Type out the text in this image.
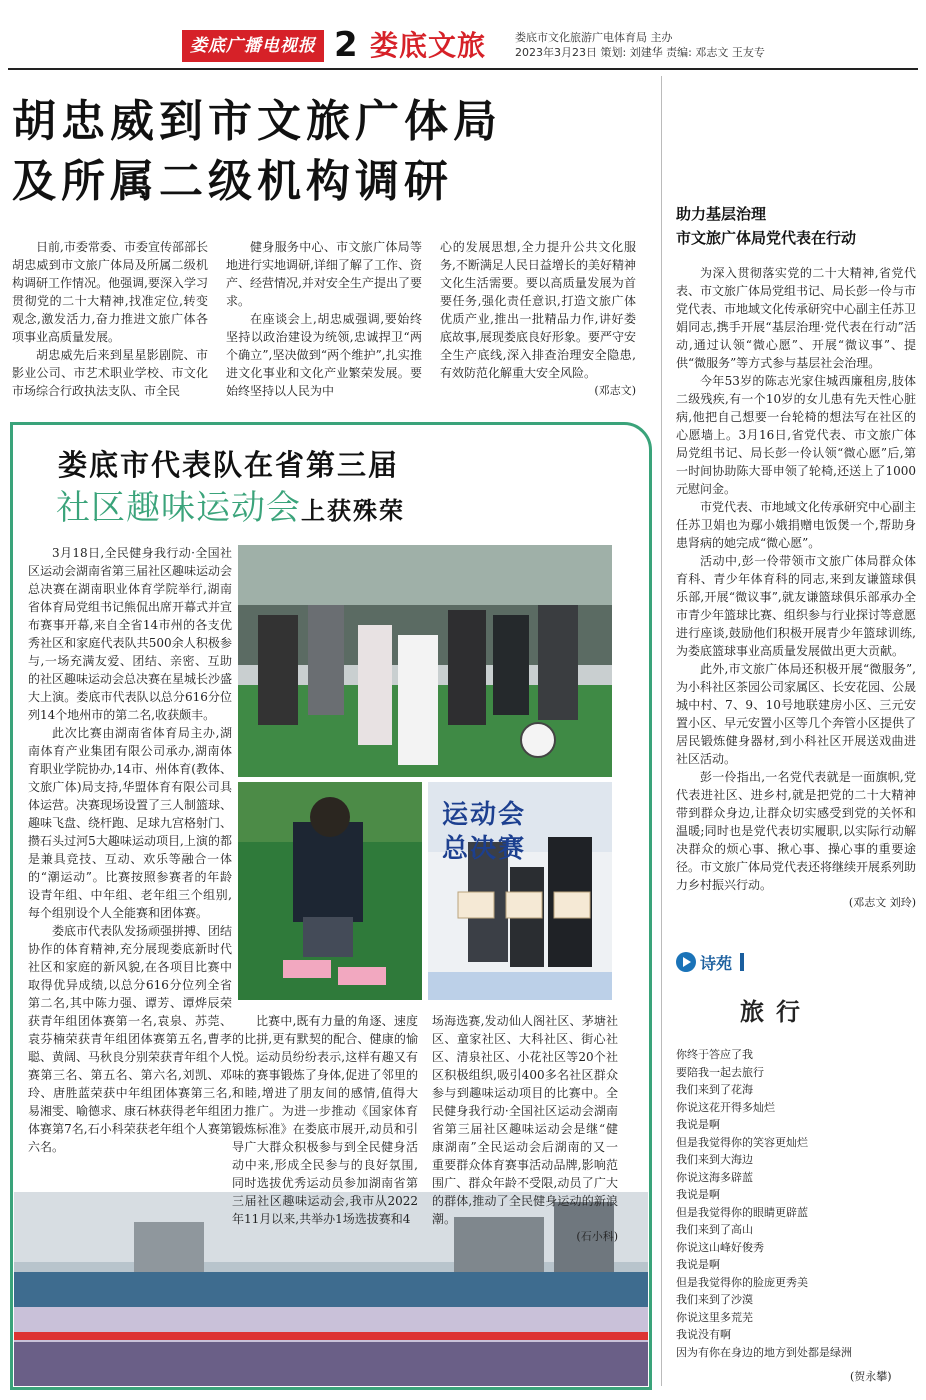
娄底广播电视报 2 娄底文旅	娄底市文化旅游广电体育局 主办
2023年3月23日 策划: 刘建华 责编: 邓志文 王友专
胡忠威到市文旅广体局
及所属二级机构调研

日前,市委常委、市委宣传部部长胡忠威到市文旅广体局及所属二级机构调研工作情况。他强调,要深入学习贯彻党的二十大精神,找准定位,转变观念,激发活力,奋力推进文旅广体各项事业高质量发展。

胡忠威先后来到星星影剧院、市影业公司、市艺术职业学校、市文化市场综合行政执法支队、市全民

健身服务中心、市文旅广体局等地进行实地调研,详细了解了工作、资产、经营情况,并对安全生产提出了要求。

在座谈会上,胡忠威强调,要始终坚持以政治建设为统领,忠诚捍卫“两个确立”,坚决做到“两个维护”,扎实推进文化事业和文化产业繁荣发展。要始终坚持以人民为中

心的发展思想,全力提升公共文化服务,不断满足人民日益增长的美好精神文化生活需要。要以高质量发展为首要任务,强化责任意识,打造文旅广体优质产业,推出一批精品力作,讲好娄底故事,展现娄底良好形象。要严守安全生产底线,深入排查治理安全隐患,有效防范化解重大安全风险。

(邓志文)
助力基层治理
市文旅广体局党代表在行动

为深入贯彻落实党的二十大精神,省党代表、市文旅广体局党组书记、局长彭一伶与市党代表、市地域文化传承研究中心副主任苏卫娟同志,携手开展“基层治理·党代表在行动”活动,通过认领“微心愿”、开展“微议事”、提供“微服务”等方式参与基层社会治理。

今年53岁的陈志光家住城西廉租房,肢体二级残疾,有一个10岁的女儿患有先天性心脏病,他把自己想要一台轮椅的想法写在社区的心愿墙上。3月16日,省党代表、市文旅广体局党组书记、局长彭一伶认领“微心愿”后,第一时间协助陈大哥申领了轮椅,还送上了1000元慰问金。

市党代表、市地域文化传承研究中心副主任苏卫娟也为鄢小娥捐赠电饭煲一个,帮助身患肾病的她完成“微心愿”。

活动中,彭一伶带领市文旅广体局群众体育科、青少年体育科的同志,来到友谦篮球俱乐部,开展“微议事”,就友谦篮球俱乐部承办全市青少年篮球比赛、组织参与行业探讨等意愿进行座谈,鼓励他们积极开展青少年篮球训练,为娄底篮球事业高质量发展做出更大贡献。

此外,市文旅广体局还积极开展“微服务”,为小科社区茶园公司家属区、长安花园、公晟城中村、7、9、10号地联建房小区、三元安置小区、早元安置小区等几个奔管小区提供了居民锻炼健身器材,到小科社区开展送戏曲进社区活动。

彭一伶指出,一名党代表就是一面旗帜,党代表进社区、进乡村,就是把党的二十大精神带到群众身边,让群众切实感受到党的关怀和温暖;同时也是党代表切实履职,以实际行动解决群众的烦心事、揪心事、操心事的重要途径。市文旅广体局党代表还将继续开展系列助力乡村振兴行动。

(邓志文 刘玲)
诗苑
旅行
你终于答应了我
要陪我一起去旅行
我们来到了花海
你说这花开得多灿烂
我说是啊
但是我觉得你的笑容更灿烂
我们来到大海边
你说这海多辟蓝
我说是啊
但是我觉得你的眼睛更辟蓝
我们来到了高山
你说这山峰好俊秀
我说是啊
但是我觉得你的脸庞更秀美
我们来到了沙漠
你说这里多荒芜
我说没有啊
因为有你在身边的地方到处都是绿洲
(贺永攀)
娄底市代表队在省第三届
社区趣味运动会上获殊荣
运动会
总决赛

3月18日,全民健身我行动·全国社区运动会湖南省第三届社区趣味运动会总决赛在湖南职业体育学院举行,湖南省体育局党组书记熊侃出席开幕式并宣布赛事开幕,来自全省14市州的各支优秀社区和家庭代表队共500余人积极参与,一场充满友爱、团结、亲密、互助的社区趣味运动会总决赛在星城长沙盛大上演。娄底市代表队以总分616分位列14个地州市的第二名,收获颇丰。

此次比赛由湖南省体育局主办,湖南体育产业集团有限公司承办,湖南体育职业学院协办,14市、州体育(教体、文旅广体)局支持,华盟体育有限公司具体运营。决赛现场设置了三人制篮球、趣味飞盘、绕杆跑、足球九宫格射门、攒石头过河5大趣味运动项目,上演的都是兼具竞技、互动、欢乐等融合一体的“潮运动”。比赛按照参赛者的年龄设青年组、中年组、老年组三个组别,每个组别设个人全能赛和团体赛。

娄底市代表队发扬顽强拼搏、团结协作的体育精神,充分展现娄底新时代社区和家庭的新风貌,在各项目比赛中取得优异成绩,以总分616分位列全省第二名,其中陈力强、谭芳、谭烨辰荣获青年组团体赛第一名,袁泉、苏莞、袁芬楠荣获青年组团体赛第五名,曹孝聪、黄阔、马秋良分别荣获青年组个人赛第三名、第五名、第六名,刘凯、邓玲、唐胜蓝荣获中年组团体赛第三名,易湘雯、喻德求、康石林获得老年组团体赛第7名,石小科荣获老年组个人赛第六名。

比赛中,既有力量的角逐、速度的比拼,更有默契的配合、健康的愉悦。运动员纷纷表示,这样有趣又有味的赛事锻炼了身体,促进了邻里的和睦,增进了朋友间的感情,值得大力推广。为进一步推动《国家体育锻炼标准》在娄底市展开,动员和引导广大群众积极参与到全民健身活动中来,形成全民参与的良好氛围,同时选拔优秀运动员参加湖南省第三届社区趣味运动会,我市从2022年11月以来,共举办1场选拔赛和4

场海选赛,发动仙人阁社区、茅塘社区、童家社区、大科社区、街心社区、清泉社区、小花社区等20个社区积极组织,吸引400多名社区群众参与到趣味运动项目的比赛中。全民健身我行动·全国社区运动会湖南省第三届社区趣味运动会是继“健康湖南”全民运动会后湖南的又一重要群众体育赛事活动品牌,影响范围广、群众年龄不受限,动员了广大的群体,推动了全民健身运动的新浪潮。

(石小科)
